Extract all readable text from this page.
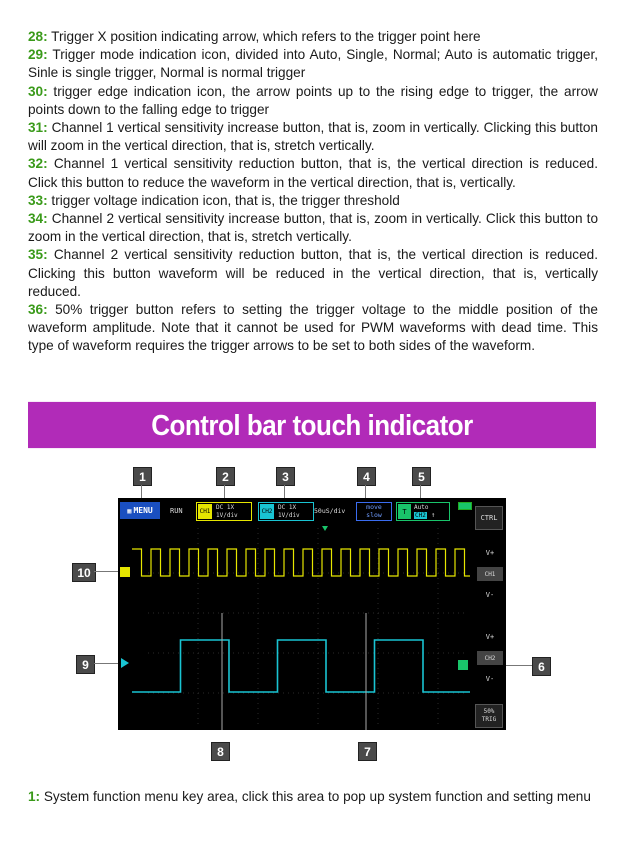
28: Trigger X position indicating arrow, which refers to the trigger point here

29: Trigger mode indication icon, divided into Auto, Single, Normal; Auto is automatic trigger, Sinle is single trigger, Normal is normal trigger

30: trigger edge indication icon, the arrow points up to the rising edge to trigger, the arrow points down to the falling edge to trigger

31: Channel 1 vertical sensitivity increase button, that is, zoom in vertically. Clicking this button will zoom in the vertical direction, that is, stretch vertically.

32: Channel 1 vertical sensitivity reduction button, that is, the vertical direction is reduced. Click this button to reduce the waveform in the vertical direction, that is, vertically.

33: trigger voltage indication icon, that is, the trigger threshold

34: Channel 2 vertical sensitivity increase button, that is, zoom in vertically. Click this button to zoom in the vertical direction, that is, stretch vertically.

35: Channel 2 vertical sensitivity reduction button, that is, the vertical direction is reduced. Clicking this button waveform will be reduced in the vertical direction, that is, vertically reduced.

36: 50% trigger button refers to setting the trigger voltage to the middle position of the waveform amplitude. Note that it cannot be used for PWM waveforms with dead time. This type of waveform requires the trigger arrows to be set to both sides of the waveform.

Control bar touch indicator
1	2	3	4	5
6
7
8
9
10
▦ MENU RUN	CH1
DC 1X
1V/div
CH2
DC 1X
1V/div
50uS/div	move
slow	T	Auto
CH2 ↑	CTRL
V+
CH1
V-
V+
CH2
V-
50%
TRIG
1: System function menu key area, click this area to pop up system function and setting menu
